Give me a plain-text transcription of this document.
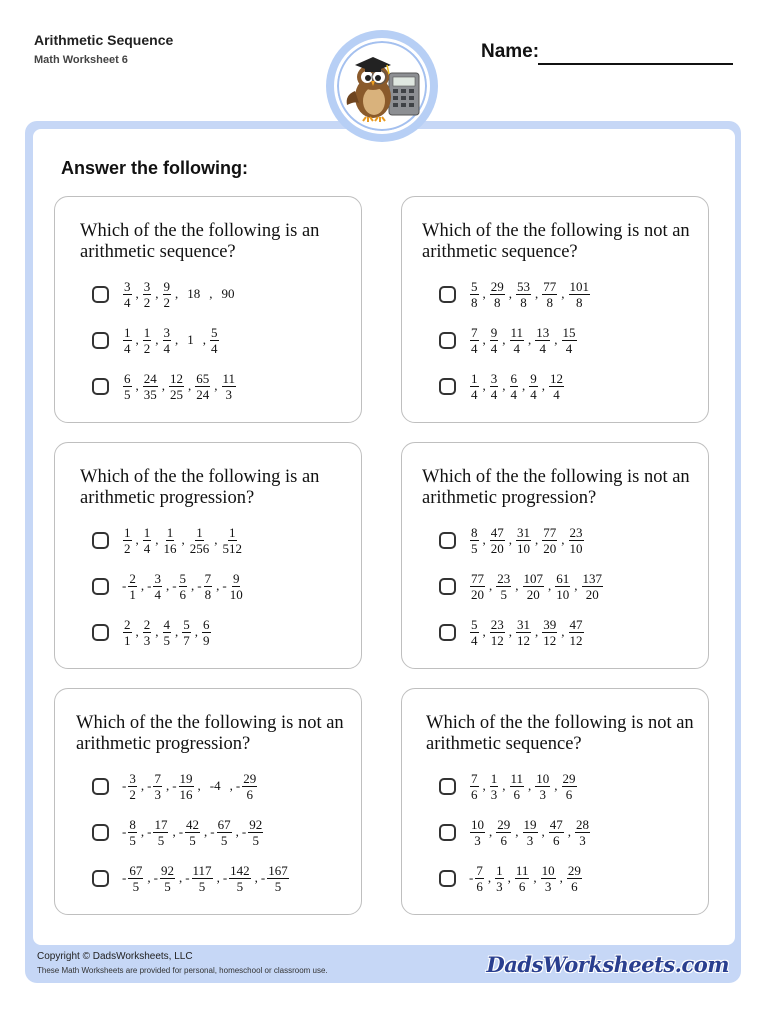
Arithmetic Sequence
Math Worksheet 6	Name:
Answer the following:
Which of the the following is an arithmetic sequence?
$\frac{3}{4}$ , $\frac{3}{2}$ , $\frac{9}{2}$ , 18 , 90
$\frac{1}{4}$ , $\frac{1}{2}$ , $\frac{3}{4}$ , 1 , $\frac{5}{4}$
$\frac{6}{5}$ , $\frac{24}{35}$ , $\frac{12}{25}$ , $\frac{65}{24}$ , $\frac{11}{3}$
Which of the the following is not an arithmetic sequence?
$\frac{5}{8}$ , $\frac{29}{8}$ , $\frac{53}{8}$ , $\frac{77}{8}$ , $\frac{101}{8}$
$\frac{7}{4}$ , $\frac{9}{4}$ , $\frac{11}{4}$ , $\frac{13}{4}$ , $\frac{15}{4}$
$\frac{1}{4}$ , $\frac{3}{4}$ , $\frac{6}{4}$ , $\frac{9}{4}$ , $\frac{12}{4}$
Which of the the following is an arithmetic progression?
$\frac{1}{2}$ , $\frac{1}{4}$ , $\frac{1}{16}$ , $\frac{1}{256}$ , $\frac{1}{512}$
- $\frac{2}{1}$ , - $\frac{3}{4}$ , - $\frac{5}{6}$ , - $\frac{7}{8}$ , - $\frac{9}{10}$
$\frac{2}{1}$ , $\frac{2}{3}$ , $\frac{4}{5}$ , $\frac{5}{7}$ , $\frac{6}{9}$
Which of the the following is not an arithmetic progression?
$\frac{8}{5}$ , $\frac{47}{20}$ , $\frac{31}{10}$ , $\frac{77}{20}$ , $\frac{23}{10}$
$\frac{77}{20}$ , $\frac{23}{5}$ , $\frac{107}{20}$ , $\frac{61}{10}$ , $\frac{137}{20}$
$\frac{5}{4}$ , $\frac{23}{12}$ , $\frac{31}{12}$ , $\frac{39}{12}$ , $\frac{47}{12}$
Which of the the following is not an arithmetic progression?
- $\frac{3}{2}$ , - $\frac{7}{3}$ , - $\frac{19}{16}$ , -4 , - $\frac{29}{6}$
- $\frac{8}{5}$ , - $\frac{17}{5}$ , - $\frac{42}{5}$ , - $\frac{67}{5}$ , - $\frac{92}{5}$
- $\frac{67}{5}$ , - $\frac{92}{5}$ , - $\frac{117}{5}$ , - $\frac{142}{5}$ , - $\frac{167}{5}$
Which of the the following is not an arithmetic sequence?
$\frac{7}{6}$ , $\frac{1}{3}$ , $\frac{11}{6}$ , $\frac{10}{3}$ , $\frac{29}{6}$
$\frac{10}{3}$ , $\frac{29}{6}$ , $\frac{19}{3}$ , $\frac{47}{6}$ , $\frac{28}{3}$
- $\frac{7}{6}$ , $\frac{1}{3}$ , $\frac{11}{6}$ , $\frac{10}{3}$ , $\frac{29}{6}$
Copyright © DadsWorksheets, LLC
These Math Worksheets are provided for personal, homeschool or classroom use.	DadsWorksheets.com
